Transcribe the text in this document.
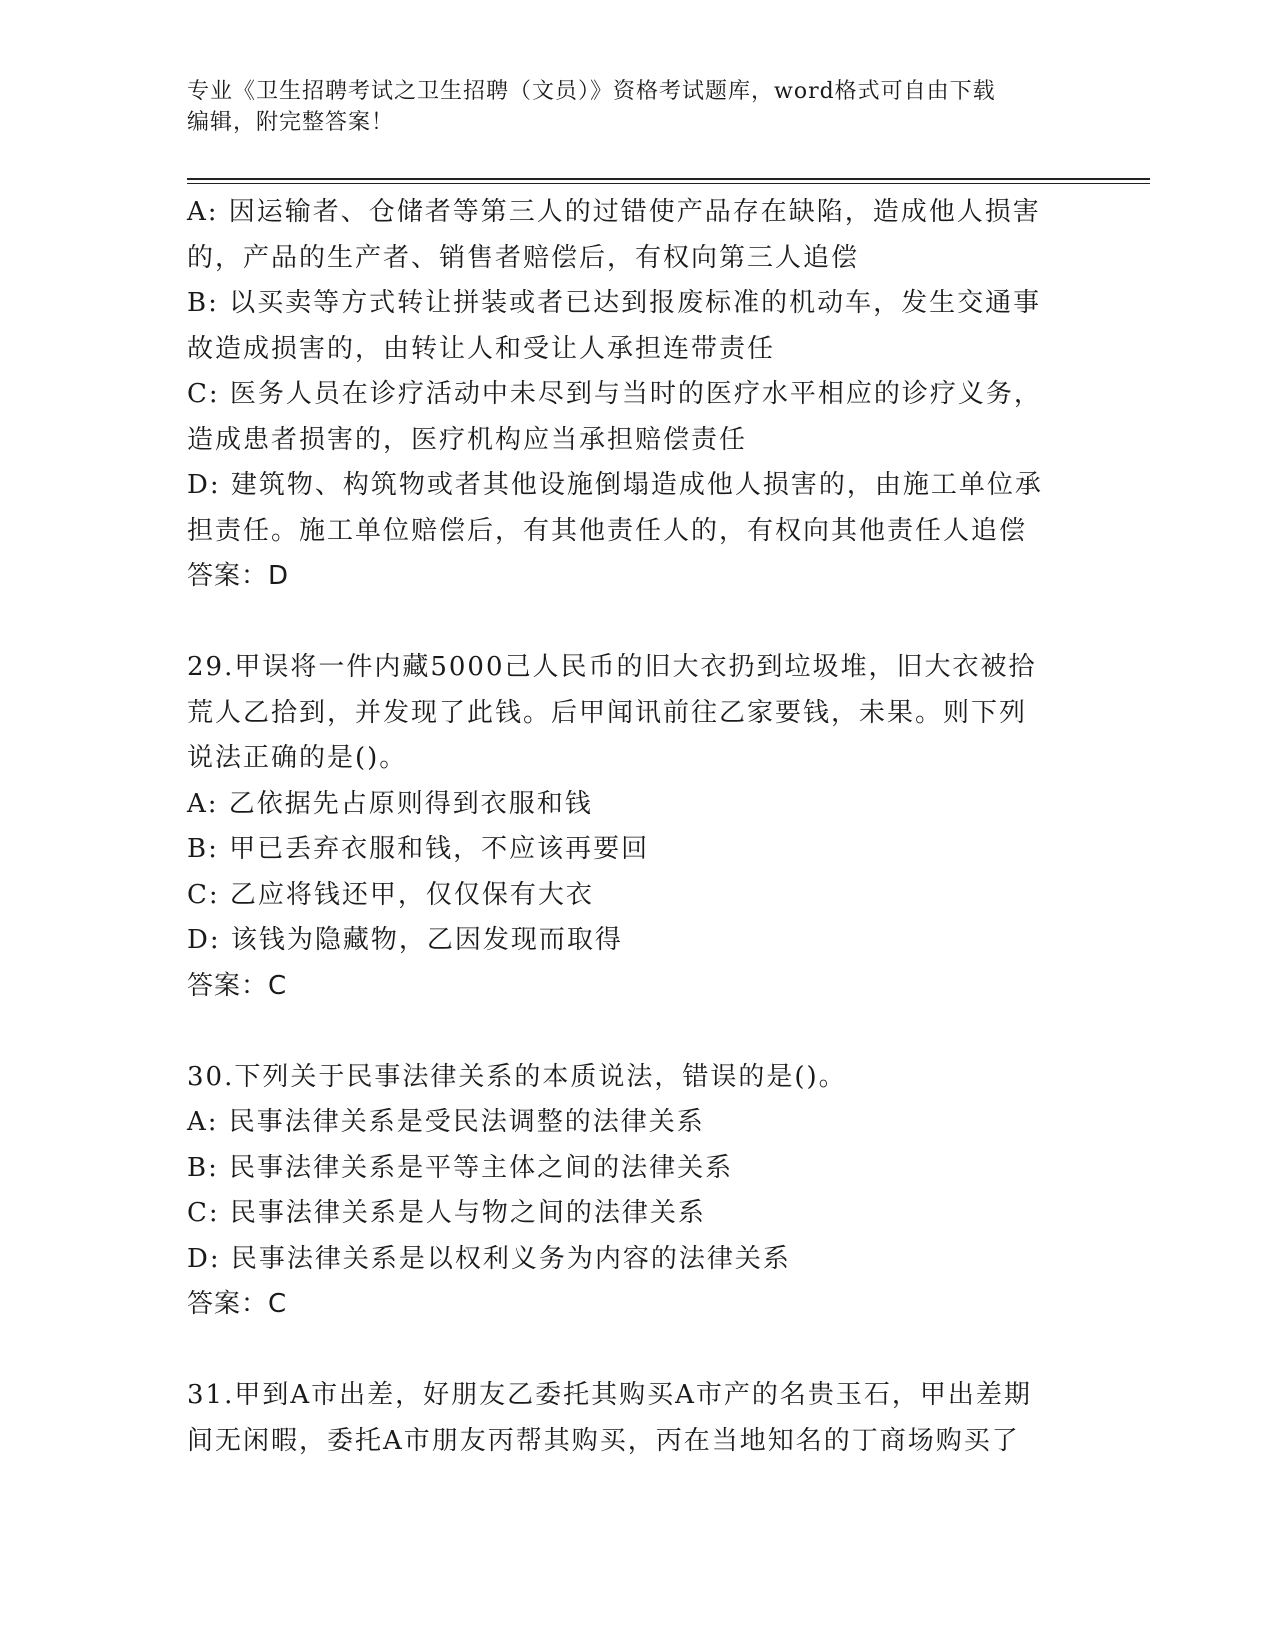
专业《卫生招聘考试之卫生招聘（文员）》资格考试题库，word格式可自由下载
编辑，附完整答案！
A: 因运输者、仓储者等第三人的过错使产品存在缺陷，造成他人损害
的，产品的生产者、销售者赔偿后，有权向第三人追偿
B: 以买卖等方式转让拼装或者已达到报废标准的机动车，发生交通事
故造成损害的，由转让人和受让人承担连带责任
C: 医务人员在诊疗活动中未尽到与当时的医疗水平相应的诊疗义务，
造成患者损害的，医疗机构应当承担赔偿责任
D: 建筑物、构筑物或者其他设施倒塌造成他人损害的，由施工单位承
担责任。施工单位赔偿后，有其他责任人的，有权向其他责任人追偿
答案：D
29.甲误将一件内藏5000己人民币的旧大衣扔到垃圾堆，旧大衣被拾
荒人乙拾到，并发现了此钱。后甲闻讯前往乙家要钱，未果。则下列
说法正确的是()。
A: 乙依据先占原则得到衣服和钱
B: 甲已丢弃衣服和钱，不应该再要回
C: 乙应将钱还甲，仅仅保有大衣
D: 该钱为隐藏物，乙因发现而取得
答案：C
30.下列关于民事法律关系的本质说法，错误的是()。
A: 民事法律关系是受民法调整的法律关系
B: 民事法律关系是平等主体之间的法律关系
C: 民事法律关系是人与物之间的法律关系
D: 民事法律关系是以权利义务为内容的法律关系
答案：C
31.甲到A市出差，好朋友乙委托其购买A市产的名贵玉石，甲出差期
间无闲暇，委托A市朋友丙帮其购买，丙在当地知名的丁商场购买了
